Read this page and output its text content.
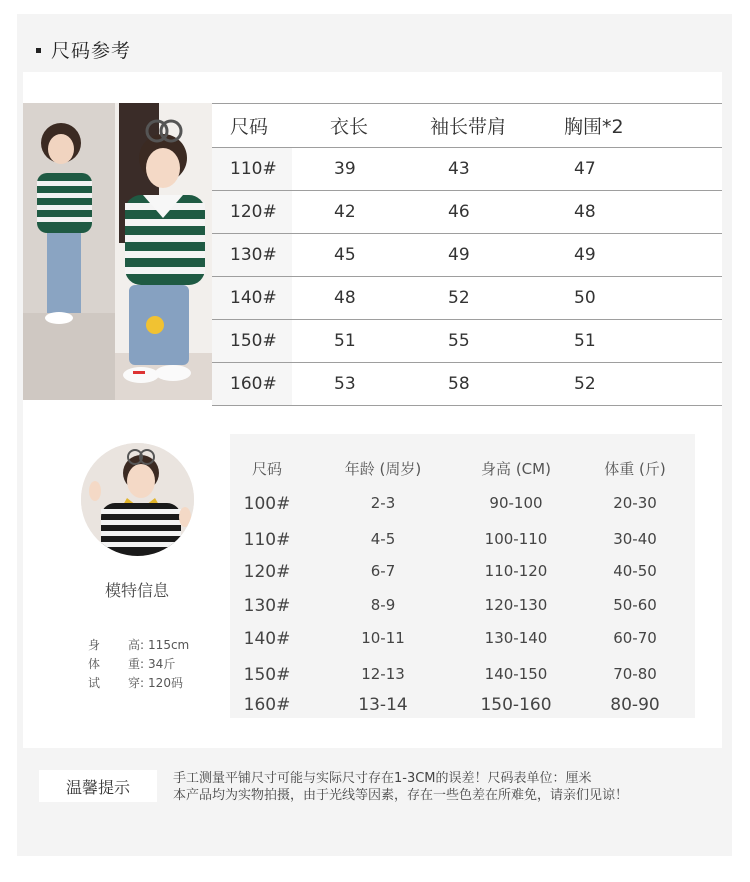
尺码参考
尺码	衣长	袖长带肩	胸围*2
110#	39	43	47
120#	42	46	48
130#	45	49	49
140#	48	52	50
150#	51	55	51
160#	53	58	52
模特信息
身	高: 115cm
体	重: 34斤
试	穿: 120码
尺码	年龄 (周岁)	身高 (CM)	体重 (斤)
100#	2-3	90-100	20-30
110#	4-5	100-110	30-40
120#	6-7	110-120	40-50
130#	8-9	120-130	50-60
140#	10-11	130-140	60-70
150#	12-13	140-150	70-80
160#	13-14	150-160	80-90
温馨提示	手工测量平铺尺寸可能与实际尺寸存在1-3CM的误差！尺码表单位：厘米
本产品均为实物拍摄，由于光线等因素，存在一些色差在所难免，请亲们见谅！
